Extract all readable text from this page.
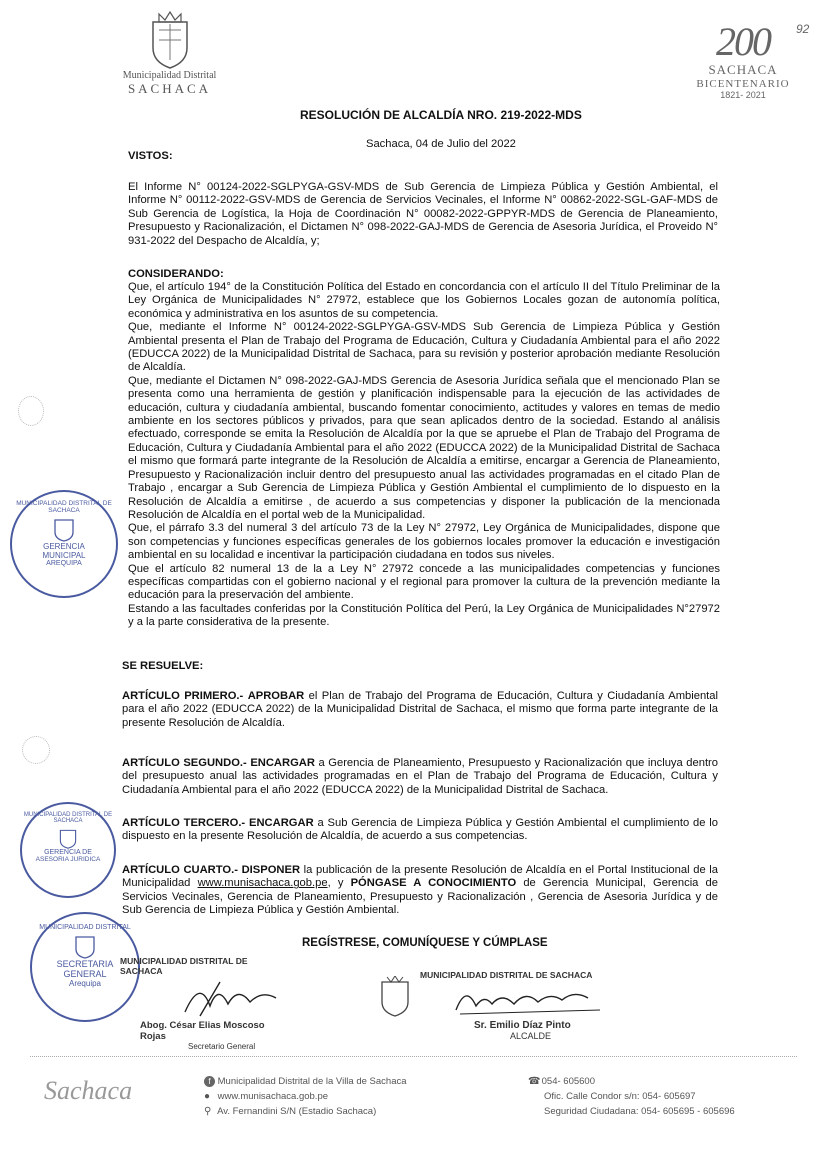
Municipalidad Distrital
SACHACA
200
SACHACA
BICENTENARIO
1821- 2021
92
RESOLUCIÓN DE ALCALDÍA NRO. 219-2022-MDS
Sachaca, 04 de Julio del 2022
VISTOS:
El Informe N° 00124-2022-SGLPYGA-GSV-MDS de Sub Gerencia de Limpieza Pública y Gestión Ambiental, el Informe N° 00112-2022-GSV-MDS de Gerencia de Servicios Vecinales, el Informe N° 00862-2022-SGL-GAF-MDS de Sub Gerencia de Logística, la Hoja de Coordinación N° 00082-2022-GPPYR-MDS de Gerencia de Planeamiento, Presupuesto y Racionalización, el Dictamen N° 098-2022-GAJ-MDS de Gerencia de Asesoria Jurídica, el Proveido N° 931-2022 del Despacho de Alcaldía, y;
CONSIDERANDO:
Que, el artículo 194° de la Constitución Política del Estado en concordancia con el artículo II del Título Preliminar de la Ley Orgánica de Municipalidades N° 27972, establece que los Gobiernos Locales gozan de autonomía política, económica y administrativa en los asuntos de su competencia.
Que, mediante el Informe N° 00124-2022-SGLPYGA-GSV-MDS Sub Gerencia de Limpieza Pública y Gestión Ambiental presenta el Plan de Trabajo del Programa de Educación, Cultura y Ciudadanía Ambiental para el año 2022 (EDUCCA 2022) de la Municipalidad Distrital de Sachaca, para su revisión y posterior aprobación mediante Resolución de Alcaldía.
Que, mediante el Dictamen N° 098-2022-GAJ-MDS Gerencia de Asesoria Jurídica señala que el mencionado Plan se presenta como una herramienta de gestión y planificación indispensable para la ejecución de las actividades de educación, cultura y ciudadanía ambiental, buscando fomentar conocimiento, actitudes y valores en temas de medio ambiente en los sectores públicos y privados, para que sean aplicados dentro de la sociedad. Estando al análisis efectuado, corresponde se emita la Resolución de Alcaldía por la que se apruebe el Plan de Trabajo del Programa de Educación, Cultura y Ciudadanía Ambiental para el año 2022 (EDUCCA 2022) de la Municipalidad Distrital de Sachaca el mismo que formará parte integrante de la Resolución de Alcaldía a emitirse, encargar a Gerencia de Planeamiento, Presupuesto y Racionalización incluir dentro del presupuesto anual las actividades programadas en el citado Plan de Trabajo , encargar a Sub Gerencia de Limpieza Pública y Gestión Ambiental el cumplimiento de lo dispuesto en la Resolución de Alcaldía a emitirse , de acuerdo a sus competencias y disponer la publicación de la mencionada Resolución de Alcaldía en el portal web de la Municipalidad.
Que, el párrafo 3.3 del numeral 3 del artículo 73 de la Ley N° 27972, Ley Orgánica de Municipalidades, dispone que son competencias y funciones específicas generales de los gobiernos locales promover la educación e investigación ambiental en su localidad e incentivar la participación ciudadana en todos sus niveles.
Que el artículo 82 numeral 13 de la a Ley N° 27972 concede a las municipalidades competencias y funciones específicas compartidas con el gobierno nacional y el regional para promover la cultura de la prevención mediante la educación para la preservación del ambiente.
Estando a las facultades conferidas por la Constitución Política del Perú, la Ley Orgánica de Municipalidades N°27972 y a la parte considerativa de la presente.
SE RESUELVE:
ARTÍCULO PRIMERO.- APROBAR el Plan de Trabajo del Programa de Educación, Cultura y Ciudadanía Ambiental para el año 2022 (EDUCCA 2022) de la Municipalidad Distrital de Sachaca, el mismo que forma parte integrante de la presente Resolución de Alcaldía.
ARTÍCULO SEGUNDO.- ENCARGAR a Gerencia de Planeamiento, Presupuesto y Racionalización que incluya dentro del presupuesto anual las actividades programadas en el Plan de Trabajo del Programa de Educación, Cultura y Ciudadanía Ambiental para el año 2022 (EDUCCA 2022) de la Municipalidad Distrital de Sachaca.
ARTÍCULO TERCERO.- ENCARGAR a Sub Gerencia de Limpieza Pública y Gestión Ambiental el cumplimiento de lo dispuesto en la presente Resolución de Alcaldía, de acuerdo a sus competencias.
ARTÍCULO CUARTO.- DISPONER la publicación de la presente Resolución de Alcaldía en el Portal Institucional de la Municipalidad www.munisachaca.gob.pe, y PÓNGASE A CONOCIMIENTO de Gerencia Municipal, Gerencia de Servicios Vecinales, Gerencia de Planeamiento, Presupuesto y Racionalización , Gerencia de Asesoria Jurídica y de Sub Gerencia de Limpieza Pública y Gestión Ambiental.
REGÍSTRESE, COMUNÍQUESE Y CÚMPLASE
MUNICIPALIDAD DISTRITAL DE SACHACA
GERENCIA
MUNICIPAL
AREQUIPA
MUNICIPALIDAD DISTRITAL DE SACHACA
GERENCIA DE
ASESORIA JURIDICA
MUNICIPALIDAD DISTRITAL
SECRETARIA
GENERAL
Arequipa
MUNICIPALIDAD DISTRITAL DE SACHACA
Abog. César Elias Moscoso Rojas
Secretario General
MUNICIPALIDAD DISTRITAL DE SACHACA
Sr. Emilio Díaz Pinto
ALCALDE
Sachaca	f Municipalidad Distrital de la Villa de Sachaca
● www.munisachaca.gob.pe
⚲ Av. Fernandini S/N (Estadio Sachaca)
☎ 054- 605600
Ofic. Calle Condor s/n: 054- 605697
Seguridad Ciudadana: 054- 605695 - 605696
